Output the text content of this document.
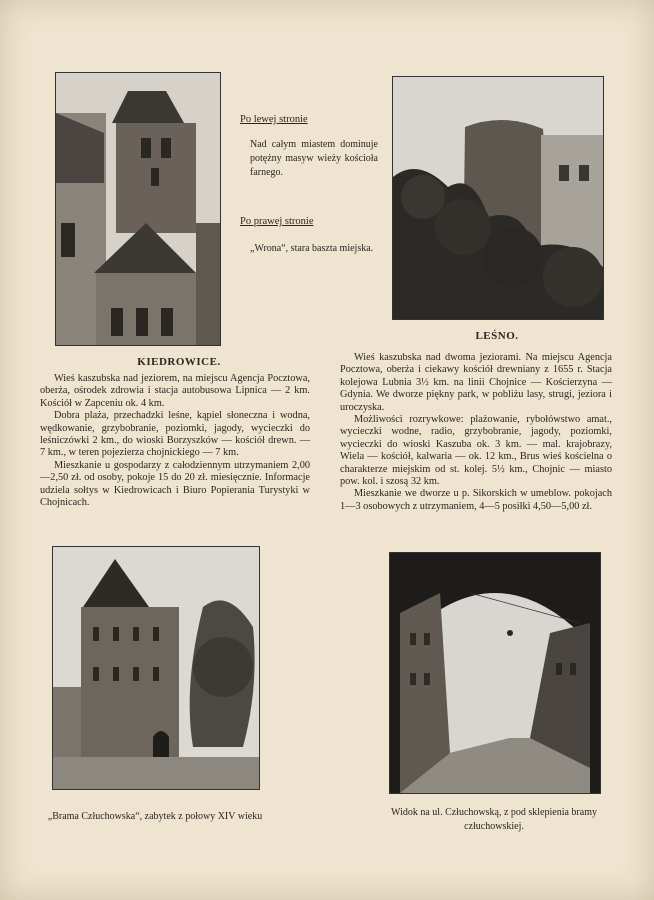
Po lewej stronie
Nad całym miastem dominuje potężny masyw wieży kościoła farnego.
Po prawej stronie
„Wrona“, stara baszta miejska.
LEŚNO.
KIEDROWICE.

Wieś kaszubska nad jeziorem, na miejscu Agencja Pocztowa, oberża, ośrodek zdrowia i stacja autobusowa Lipnica — 2 km. Kościół w Zapceniu ok. 4 km.

Dobra plaża, przechadzki leśne, kąpiel słoneczna i wodna, wędkowanie, grzybobranie, poziomki, jagody, wycieczki do leśniczówki 2 km., do wioski Borzyszków — kościół drewn. — 7 km., w teren pojezierza chojnickiego — 7 km.

Mieszkanie u gospodarzy z całodziennym utrzymaniem 2,00—2,50 zł. od osoby, pokoje 15 do 20 zł. miesięcznie. Informacje udziela sołtys w Kiedrowicach i Biuro Popierania Turystyki w Chojnicach.

Wieś kaszubska nad dwoma jeziorami. Na miejscu Agencja Pocztowa, oberża i ciekawy kościół drewniany z 1655 r. Stacja kolejowa Lubnia 3½ km. na linii Chojnice — Kościerzyna — Gdynia. We dworze piękny park, w pobliżu lasy, strugi, jeziora i uroczyska.

Możliwości rozrywkowe: plażowanie, rybołówstwo amat., wycieczki wodne, radio, grzybobranie, jagody, poziomki, wycieczki do wioski Kaszuba ok. 3 km. — mal. krajobrazy, Wiela — kościół, kalwaria — ok. 12 km., Brus wieś kościelna o charakterze miejskim od st. kolej. 5½ km., Chojnic — miasto pow. kol. i szosą 32 km.

Mieszkanie we dworze u p. Sikorskich w umeblow. pokojach 1—3 osobowych z utrzymaniem, 4—5 posiłki 4,50—5,00 zł.

„Brama Człuchowska“, zabytek z połowy XIV wieku	Widok na ul. Człuchowską, z pod sklepienia bramy człuchowskiej.
